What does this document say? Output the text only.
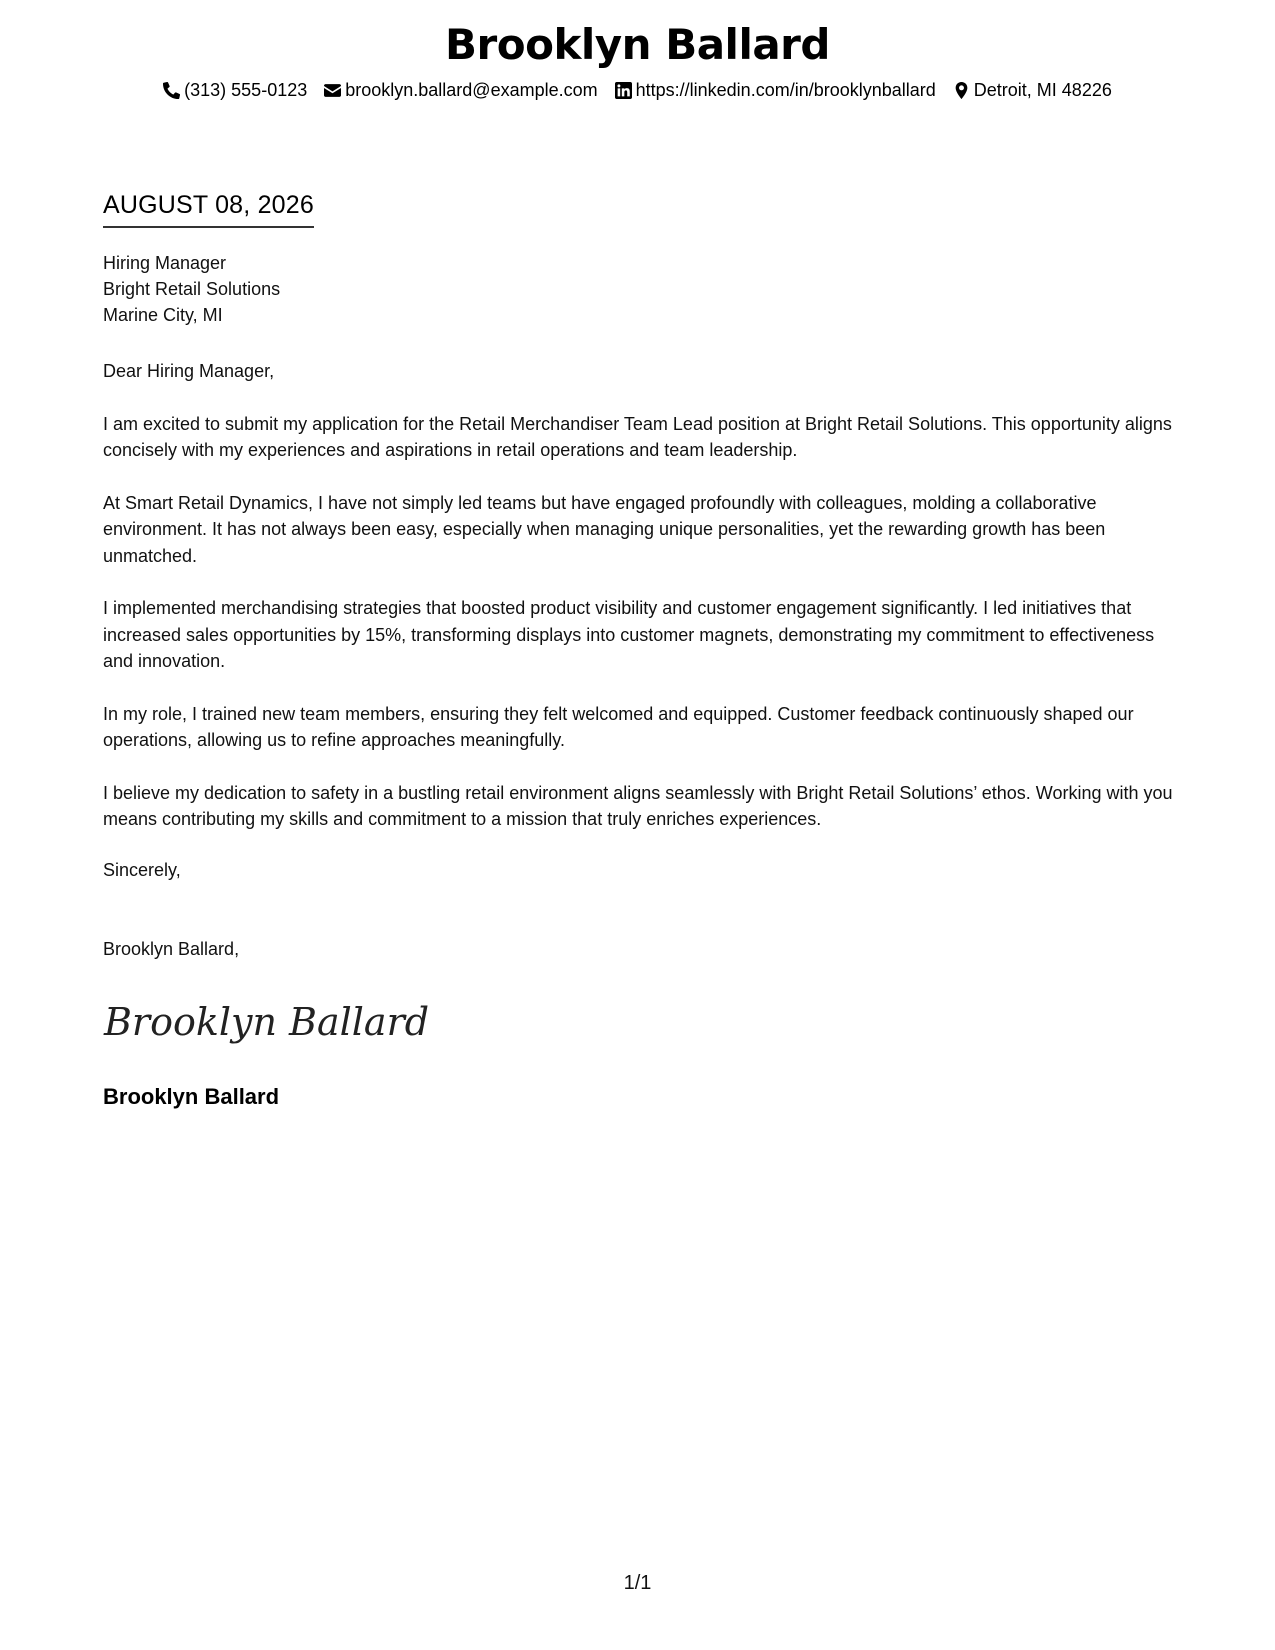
Brooklyn Ballard
(313) 555-0123 brooklyn.ballard@example.com https://linkedin.com/in/brooklynballard Detroit, MI 48226
AUGUST 08, 2026
Hiring Manager
Bright Retail Solutions
Marine City, MI

Dear Hiring Manager,

I am excited to submit my application for the Retail Merchandiser Team Lead position at Bright Retail Solutions. This opportunity aligns concisely with my experiences and aspirations in retail operations and team leadership.

At Smart Retail Dynamics, I have not simply led teams but have engaged profoundly with colleagues, molding a collaborative environment. It has not always been easy, especially when managing unique personalities, yet the rewarding growth has been unmatched.

I implemented merchandising strategies that boosted product visibility and customer engagement significantly. I led initiatives that increased sales opportunities by 15%, transforming displays into customer magnets, demonstrating my commitment to effectiveness and innovation.

In my role, I trained new team members, ensuring they felt welcomed and equipped. Customer feedback continuously shaped our operations, allowing us to refine approaches meaningfully.

I believe my dedication to safety in a bustling retail environment aligns seamlessly with Bright Retail Solutions’ ethos. Working with you means contributing my skills and commitment to a mission that truly enriches experiences.

Sincerely,
Brooklyn Ballard,
Brooklyn Ballard
Brooklyn Ballard
1/1
